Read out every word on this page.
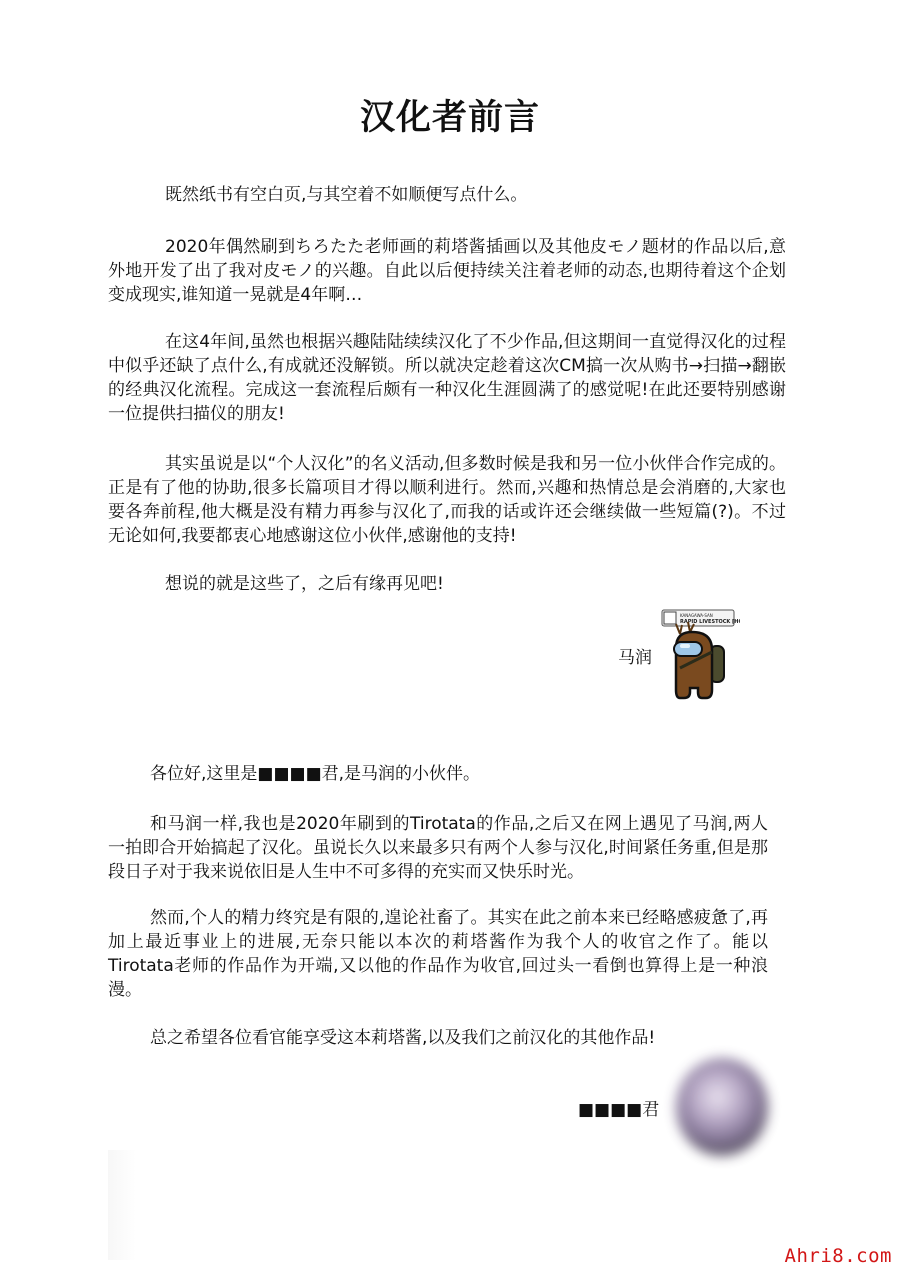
汉化者前言

既然纸书有空白页,与其空着不如顺便写点什么。

2020年偶然刷到ちろたた老师画的莉塔酱插画以及其他皮モノ题材的作品以后,意外地开发了出了我对皮モノ的兴趣。自此以后便持续关注着老师的动态,也期待着这个企划变成现实,谁知道一晃就是4年啊…

在这4年间,虽然也根据兴趣陆陆续续汉化了不少作品,但这期间一直觉得汉化的过程中似乎还缺了点什么,有成就还没解锁。所以就决定趁着这次CM搞一次从购书→扫描→翻嵌的经典汉化流程。完成这一套流程后颇有一种汉化生涯圆满了的感觉呢!在此还要特别感谢一位提供扫描仪的朋友!

其实虽说是以“个人汉化”的名义活动,但多数时候是我和另一位小伙伴合作完成的。正是有了他的协助,很多长篇项目才得以顺利进行。然而,兴趣和热情总是会消磨的,大家也要各奔前程,他大概是没有精力再参与汉化了,而我的话或许还会继续做一些短篇(?)。不过无论如何,我要都衷心地感谢这位小伙伴,感谢他的支持!

想说的就是这些了，之后有缘再见吧!

马润
KANAGAWA-SAN
RAPID LIVESTOCK [HC]

各位好,这里是■■■■君,是马润的小伙伴。

和马润一样,我也是2020年刷到的Tirotata的作品,之后又在网上遇见了马润,两人一拍即合开始搞起了汉化。虽说长久以来最多只有两个人参与汉化,时间紧任务重,但是那段日子对于我来说依旧是人生中不可多得的充实而又快乐时光。

然而,个人的精力终究是有限的,遑论社畜了。其实在此之前本来已经略感疲惫了,再加上最近事业上的进展,无奈只能以本次的莉塔酱作为我个人的收官之作了。能以Tirotata老师的作品作为开端,又以他的作品作为收官,回过头一看倒也算得上是一种浪漫。

总之希望各位看官能享受这本莉塔酱,以及我们之前汉化的其他作品!

■■■■君
Ahri8.com
